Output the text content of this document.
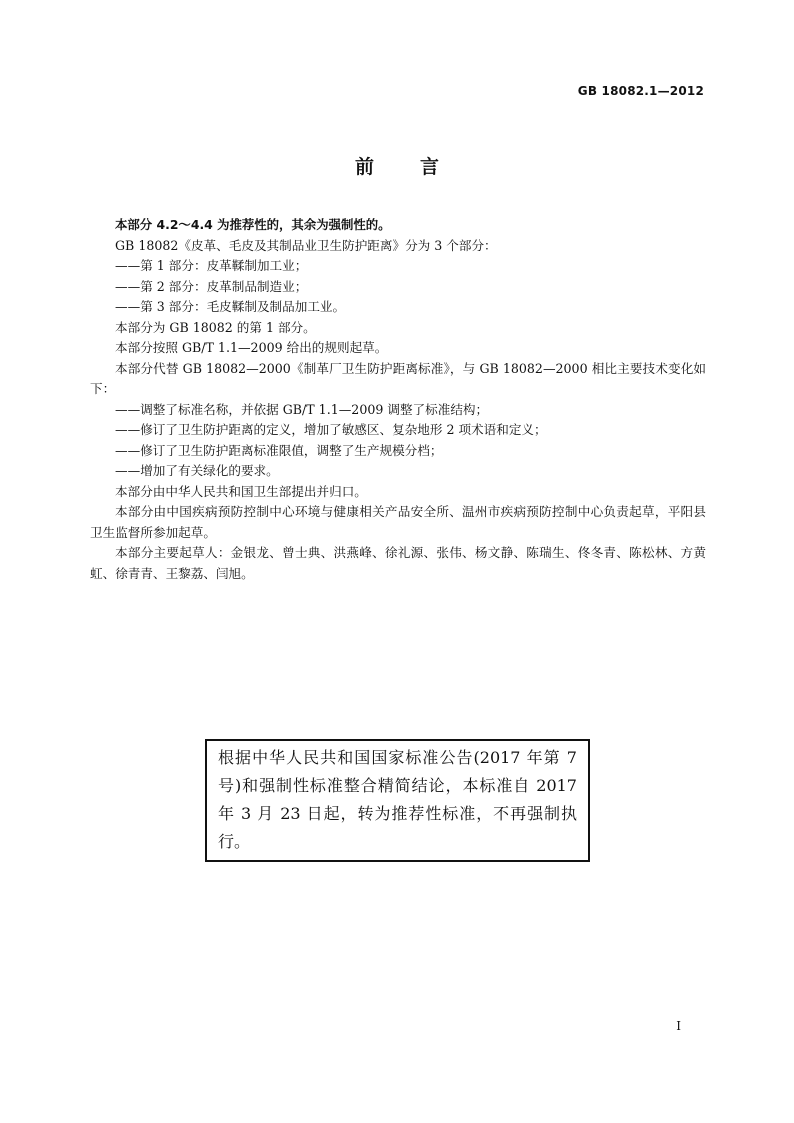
GB 18082.1—2012
前言

本部分 4.2～4.4 为推荐性的，其余为强制性的。

GB 18082《皮革、毛皮及其制品业卫生防护距离》分为 3 个部分：

——第 1 部分：皮革鞣制加工业；

——第 2 部分：皮革制品制造业；

——第 3 部分：毛皮鞣制及制品加工业。

本部分为 GB 18082 的第 1 部分。

本部分按照 GB/T 1.1—2009 给出的规则起草。

本部分代替 GB 18082—2000《制革厂卫生防护距离标准》，与 GB 18082—2000 相比主要技术变化如下：

——调整了标准名称，并依据 GB/T 1.1—2009 调整了标准结构；

——修订了卫生防护距离的定义，增加了敏感区、复杂地形 2 项术语和定义；

——修订了卫生防护距离标准限值，调整了生产规模分档；

——增加了有关绿化的要求。

本部分由中华人民共和国卫生部提出并归口。

本部分由中国疾病预防控制中心环境与健康相关产品安全所、温州市疾病预防控制中心负责起草，平阳县卫生监督所参加起草。

本部分主要起草人：金银龙、曾士典、洪燕峰、徐礼源、张伟、杨文静、陈瑞生、佟冬青、陈松林、方黄虹、徐青青、王黎荔、闫旭。

根据中华人民共和国国家标准公告(2017 年第 7 号)和强制性标准整合精简结论，本标准自 2017 年 3 月 23 日起，转为推荐性标准，不再强制执行。
I
